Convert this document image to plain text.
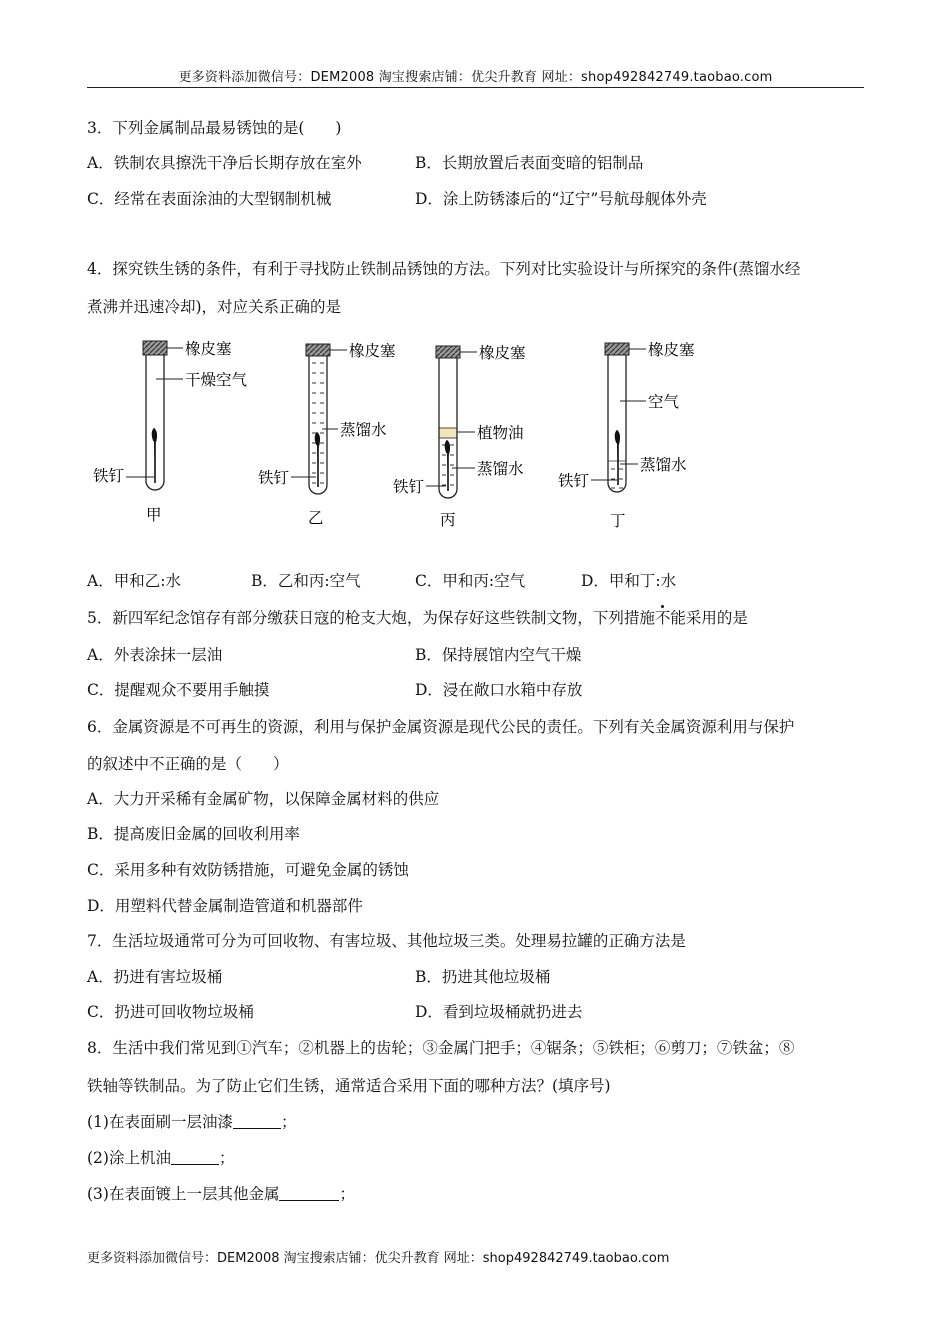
更多资料添加微信号：DEM2008 淘宝搜索店铺：优尖升教育 网址：shop492842749.taobao.com
3．下列金属制品最易锈蚀的是(　　)
A．铁制农具擦洗干净后长期存放在室外	B．长期放置后表面变暗的铝制品
C．经常在表面涂油的大型钢制机械	D．涂上防锈漆后的“辽宁”号航母舰体外壳
4．探究铁生锈的条件，有利于寻找防止铁制品锈蚀的方法。下列对比实验设计与所探究的条件(蒸馏水经
煮沸并迅速冷却)，对应关系正确的是
橡皮塞
干燥空气
铁钉
甲
橡皮塞
蒸馏水
铁钉
乙
橡皮塞
植物油
蒸馏水
铁钉
丙
橡皮塞
空气
蒸馏水
铁钉
丁
A．甲和乙:水	B．乙和丙:空气	C．甲和丙:空气	D．甲和丁:水
5．新四军纪念馆存有部分缴获日寇的枪支大炮，为保存好这些铁制文物，下列措施不能采用的是
A．外表涂抹一层油	B．保持展馆内空气干燥
C．提醒观众不要用手触摸	D．浸在敞口水箱中存放
6．金属资源是不可再生的资源，利用与保护金属资源是现代公民的责任。下列有关金属资源利用与保护
的叙述中不正确的是（　　）
A．大力开采稀有金属矿物，以保障金属材料的供应
B．提高废旧金属的回收利用率
C．采用多种有效防锈措施，可避免金属的锈蚀
D．用塑料代替金属制造管道和机器部件
7．生活垃圾通常可分为可回收物、有害垃圾、其他垃圾三类。处理易拉罐的正确方法是
A．扔进有害垃圾桶	B．扔进其他垃圾桶
C．扔进可回收物垃圾桶	D．看到垃圾桶就扔进去
8．生活中我们常见到①汽车；②机器上的齿轮；③金属门把手；④锯条；⑤铁柜；⑥剪刀；⑦铁盆；⑧
铁轴等铁制品。为了防止它们生锈，通常适合采用下面的哪种方法？(填序号)
(1)在表面刷一层油漆	；
(2)涂上机油	；
(3)在表面镀上一层其他金属	；
更多资料添加微信号：DEM2008 淘宝搜索店铺：优尖升教育 网址：shop492842749.taobao.com
